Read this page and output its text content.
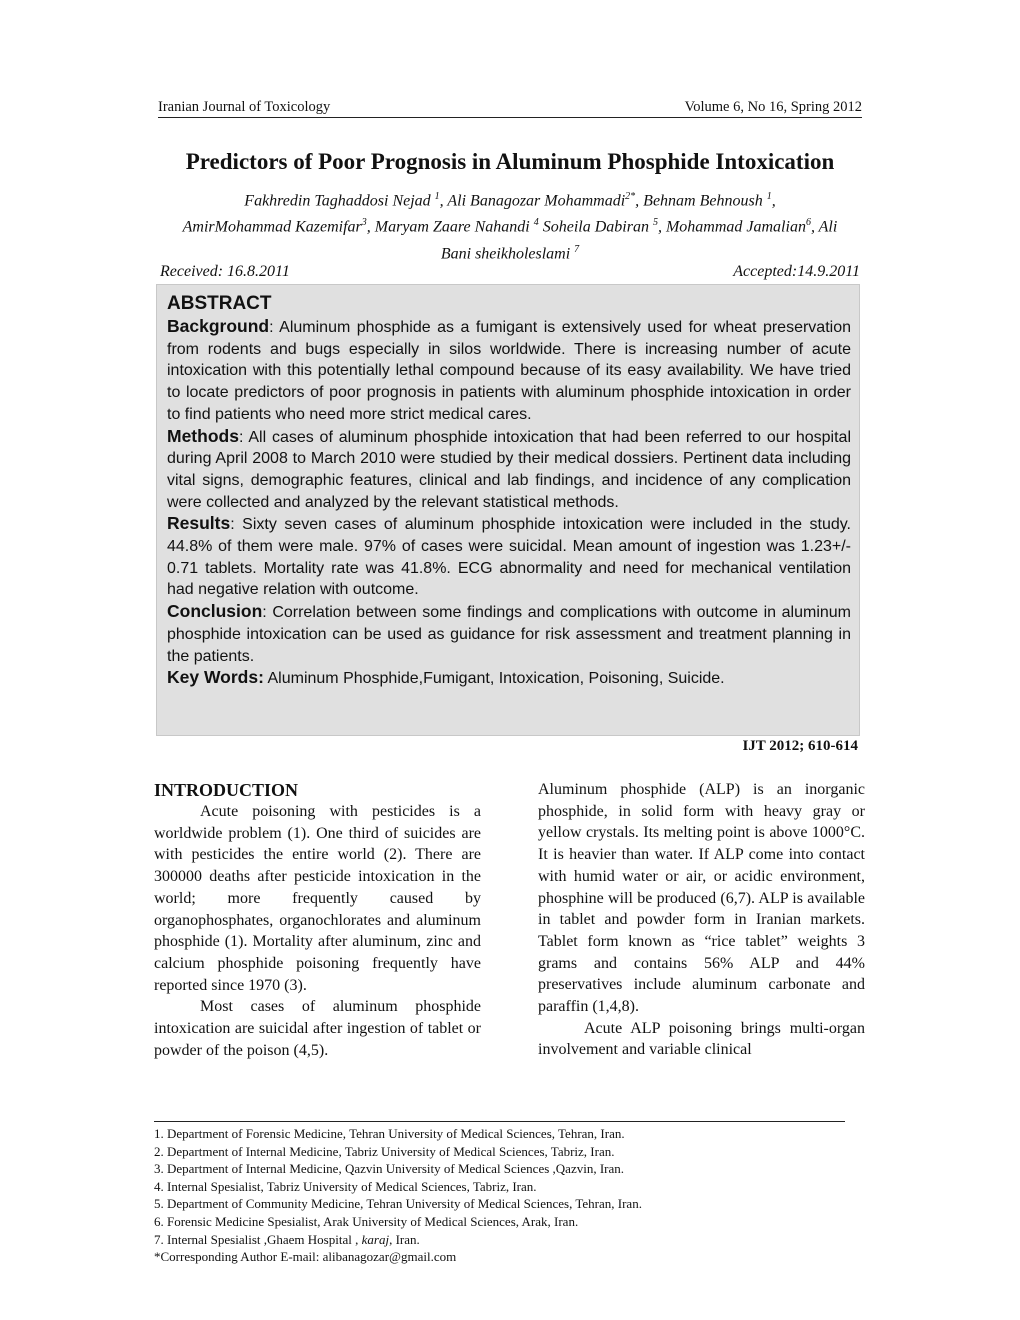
Iranian Journal of Toxicology	Volume 6, No 16, Spring 2012
Predictors of Poor Prognosis in Aluminum Phosphide Intoxication
Fakhredin Taghaddosi Nejad $^1$, Ali Banagozar Mohammadi$^{2*}$, Behnam Behnoush $^1$,
AmirMohammad Kazemifar$^3$, Maryam Zaare Nahandi $^4$ Soheila Dabiran $^5$, Mohammad Jamalian$^6$, Ali Bani sheikholeslami $^7$
Received: 16.8.2011	Accepted:14.9.2011

ABSTRACT

Background: Aluminum phosphide as a fumigant is extensively used for wheat preservation from rodents and bugs especially in silos worldwide. There is increasing number of acute intoxication with this potentially lethal compound because of its easy availability. We have tried to locate predictors of poor prognosis in patients with aluminum phosphide intoxication in order to find patients who need more strict medical cares.

Methods: All cases of aluminum phosphide intoxication that had been referred to our hospital during April 2008 to March 2010 were studied by their medical dossiers. Pertinent data including vital signs, demographic features, clinical and lab findings, and incidence of any complication were collected and analyzed by the relevant statistical methods.

Results: Sixty seven cases of aluminum phosphide intoxication were included in the study. 44.8% of them were male. 97% of cases were suicidal. Mean amount of ingestion was 1.23+/- 0.71 tablets. Mortality rate was 41.8%. ECG abnormality and need for mechanical ventilation had negative relation with outcome.

Conclusion: Correlation between some findings and complications with outcome in aluminum phosphide intoxication can be used as guidance for risk assessment and treatment planning in the patients.

Key Words: Aluminum Phosphide,Fumigant, Intoxication, Poisoning, Suicide.

IJT 2012; 610-614

INTRODUCTION

Acute poisoning with pesticides is a worldwide problem (1). One third of suicides are with pesticides the entire world (2). There are 300000 deaths after pesticide intoxication in the world; more frequently caused by organophosphates, organochlorates and aluminum phosphide (1). Mortality after aluminum, zinc and calcium phosphide poisoning frequently have reported since 1970 (3).

Most cases of aluminum phosphide intoxication are suicidal after ingestion of tablet or powder of the poison (4,5).

Aluminum phosphide (ALP) is an inorganic phosphide, in solid form with heavy gray or yellow crystals. Its melting point is above 1000°C. It is heavier than water. If ALP come into contact with humid water or air, or acidic environment, phosphine will be produced (6,7). ALP is available in tablet and powder form in Iranian markets. Tablet form known as “rice tablet” weights 3 grams and contains 56% ALP and 44% preservatives include aluminum carbonate and paraffin (1,4,8).

Acute ALP poisoning brings multi-organ involvement and variable clinical

1. Department of Forensic Medicine, Tehran University of Medical Sciences, Tehran, Iran.
2. Department of Internal Medicine, Tabriz University of Medical Sciences, Tabriz, Iran.
3. Department of Internal Medicine, Qazvin University of Medical Sciences ,Qazvin, Iran.
4. Internal Spesialist, Tabriz University of Medical Sciences, Tabriz, Iran.
5. Department of Community Medicine, Tehran University of Medical Sciences, Tehran, Iran.
6. Forensic Medicine Spesialist, Arak University of Medical Sciences, Arak, Iran.
7. Internal Spesialist ,Ghaem Hospital , karaj, Iran.
*Corresponding Author E-mail: alibanagozar@gmail.com
